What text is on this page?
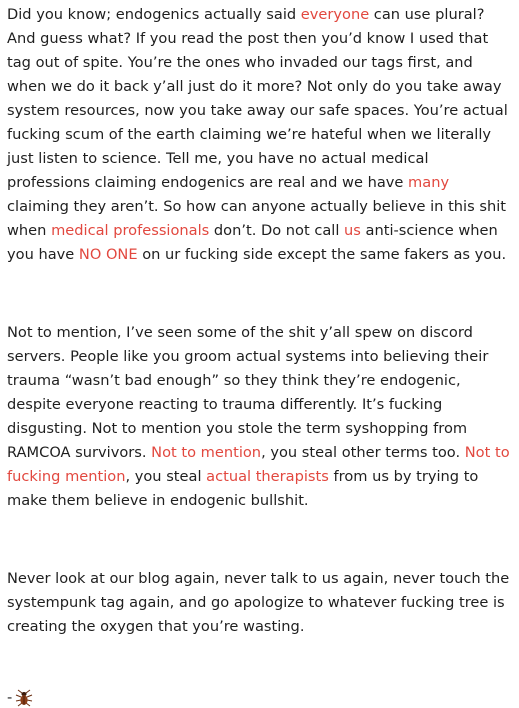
Did you know; endogenics actually said everyone can use plural? And guess what? If you read the post then you’d know I used that tag out of spite. You’re the ones who invaded our tags first, and when we do it back y’all just do it more? Not only do you take away system resources, now you take away our safe spaces. You’re actual fucking scum of the earth claiming we’re hateful when we literally just listen to science. Tell me, you have no actual medical professions claiming endogenics are real and we have many claiming they aren’t. So how can anyone actually believe in this shit when medical professionals don’t. Do not call us anti-science when you have NO ONE on ur fucking side except the same fakers as you.

Not to mention, I’ve seen some of the shit y’all spew on discord servers. People like you groom actual systems into believing their trauma “wasn’t bad enough” so they think they’re endogenic, despite everyone reacting to trauma differently. It’s fucking disgusting. Not to mention you stole the term syshopping from RAMCOA survivors. Not to mention, you steal other terms too. Not to fucking mention, you steal actual therapists from us by trying to make them believe in endogenic bullshit.

Never look at our blog again, never talk to us again, never touch the systempunk tag again, and go apologize to whatever fucking tree is creating the oxygen that you’re wasting.

-
